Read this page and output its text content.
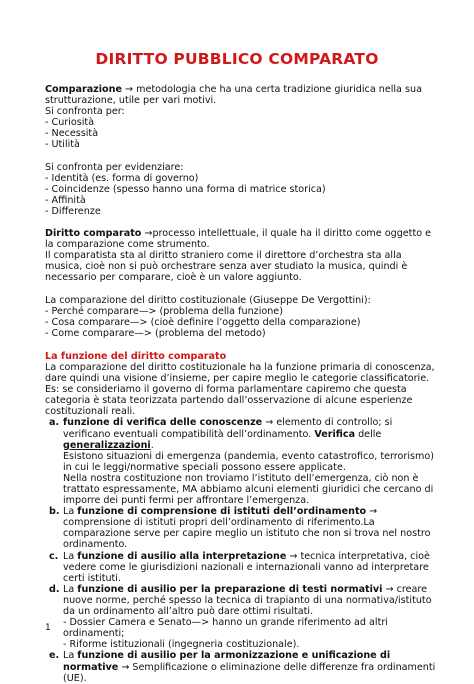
DIRITTO PUBBLICO COMPARATO

Comparazione → metodologia che ha una certa tradizione giuridica nella sua strutturazione, utile per vari motivi.

Si confronta per:

- Curiosità

- Necessità

- Utilità

Si confronta per evidenziare:

- Identità (es. forma di governo)

- Coincidenze (spesso hanno una forma di matrice storica)

- Affinità

- Differenze

Diritto comparato →processo intellettuale, il quale ha il diritto come oggetto e la comparazione come strumento.

Il comparatista sta al diritto straniero come il direttore d’orchestra sta alla musica, cioè non si può orchestrare senza aver studiato la musica, quindi è necessario per comparare, cioè è un valore aggiunto.

La comparazione del diritto costituzionale (Giuseppe De Vergottini):

- Perché comparare—> (problema della funzione)

- Cosa comparare—> (cioè definire l’oggetto della comparazione)

- Come comparare—> (problema del metodo)

La funzione del diritto comparato

La comparazione del diritto costituzionale ha la funzione primaria di conoscenza, dare quindi una visione d’insieme, per capire meglio le categorie classificatorie.

Es: se consideriamo il governo di forma parlamentare capiremo che questa categoria è stata teorizzata partendo dall’osservazione di alcune esperienze costituzionali reali.

a. funzione di verifica delle conoscenze → elemento di controllo; si verificano eventuali compatibilità dell’ordinamento. Verifica delle generalizzazioni.
Esistono situazioni di emergenza (pandemia, evento catastrofico, terrorismo) in cui le leggi/normative speciali possono essere applicate.
Nella nostra costituzione non troviamo l’istituto dell’emergenza, ciò non è trattato espressamente, MA abbiamo alcuni elementi giuridici che cercano di imporre dei punti fermi per affrontare l’emergenza.
b. La funzione di comprensione di istituti dell’ordinamento → comprensione di istituti propri dell’ordinamento di riferimento.La comparazione serve per capire meglio un istituto che non si trova nel nostro ordinamento.
c. La funzione di ausilio alla interpretazione → tecnica interpretativa, cioè vedere come le giurisdizioni nazionali e internazionali vanno ad interpretare certi istituti.
d. La funzione di ausilio per la preparazione di testi normativi → creare nuove norme, perché spesso la tecnica di trapianto di una normativa/istituto da un ordinamento all’altro può dare ottimi risultati.
- Dossier Camera e Senato—> hanno un grande riferimento ad altri ordinamenti;
- Riforme istituzionali (ingegneria costituzionale).
e. La funzione di ausilio per la armonizzazione e unificazione di normative → Semplificazione o eliminazione delle differenze fra ordinamenti (UE).
1
